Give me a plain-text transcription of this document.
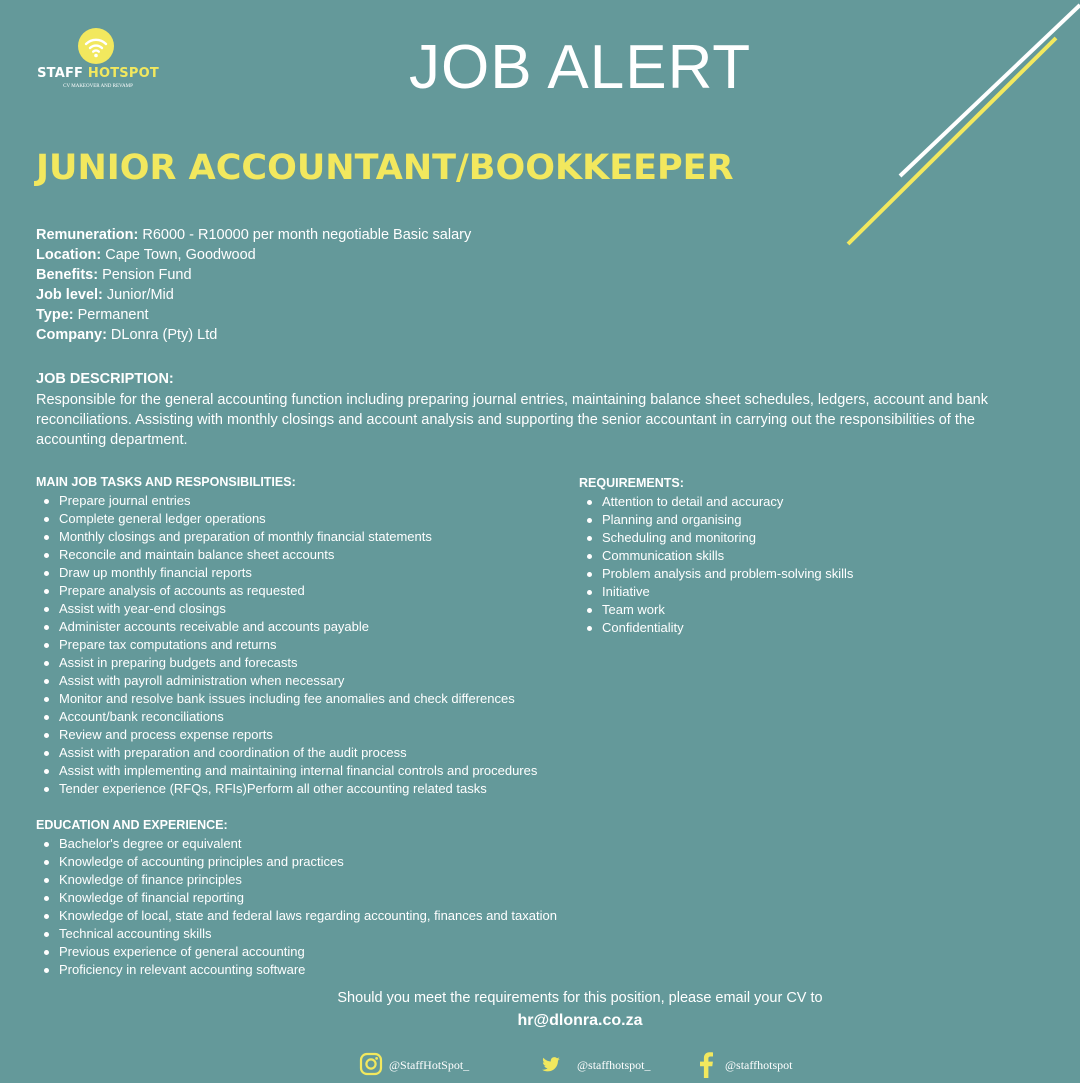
STAFF HOTSPOT
CV MAKEOVER AND REVAMP	JOB ALERT
JUNIOR ACCOUNTANT/BOOKKEEPER
Remuneration: R6000 - R10000 per month negotiable Basic salary
Location: Cape Town, Goodwood
Benefits: Pension Fund
Job level: Junior/Mid
Type: Permanent
Company: DLonra (Pty) Ltd
JOB DESCRIPTION:
Responsible for the general accounting function including preparing journal entries, maintaining balance sheet schedules, ledgers, account and bank reconciliations. Assisting with monthly closings and account analysis and supporting the senior accountant in carrying out the responsibilities of the accounting department.
MAIN JOB TASKS AND RESPONSIBILITIES:
Prepare journal entries
Complete general ledger operations
Monthly closings and preparation of monthly financial statements
Reconcile and maintain balance sheet accounts
Draw up monthly financial reports
Prepare analysis of accounts as requested
Assist with year-end closings
Administer accounts receivable and accounts payable
Prepare tax computations and returns
Assist in preparing budgets and forecasts
Assist with payroll administration when necessary
Monitor and resolve bank issues including fee anomalies and check differences
Account/bank reconciliations
Review and process expense reports
Assist with preparation and coordination of the audit process
Assist with implementing and maintaining internal financial controls and procedures
Tender experience (RFQs, RFIs)Perform all other accounting related tasks
REQUIREMENTS:
Attention to detail and accuracy
Planning and organising
Scheduling and monitoring
Communication skills
Problem analysis and problem-solving skills
Initiative
Team work
Confidentiality
EDUCATION AND EXPERIENCE:
Bachelor's degree or equivalent
Knowledge of accounting principles and practices
Knowledge of finance principles
Knowledge of financial reporting
Knowledge of local, state and federal laws regarding accounting, finances and taxation
Technical accounting skills
Previous experience of general accounting
Proficiency in relevant accounting software
Should you meet the requirements for this position, please email your CV to
hr@dlonra.co.za
@StaffHotSpot_	@staffhotspot_	@staffhotspot
